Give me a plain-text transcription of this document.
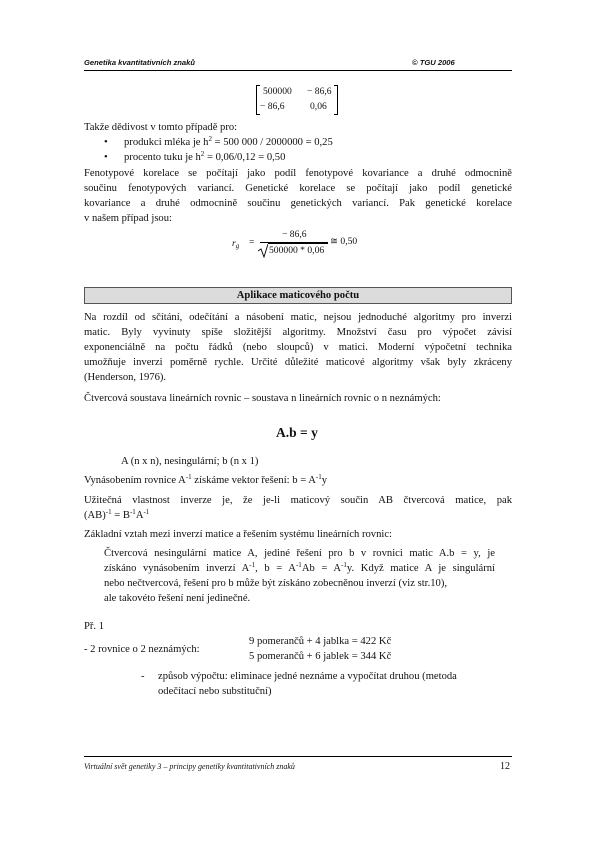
Genetika kvantitativních znaků	© TGU 2006
500000 − 86,6
− 86,6	0,06
Takže dědivost v tomto případě pro:
• produkci mléka je $h^2 = 500$ 000 / 2000000 = 0,25
• procento tuku je $h^2 = 0,06/0,12 = 0,50$
Fenotypové korelace se počítají jako podíl fenotypové kovariance a druhé odmocnině
součinu fenotypových variancí. Genetické korelace se počítají jako podíl genetické
kovariance a druhé odmocnině součinu genetických variancí. Pak genetické korelace
v našem případ jsou:
$r_g$ =
− 86,6
500000 * 0,06
≅ 0,50
Aplikace maticového počtu
Na rozdíl od sčítání, odečítání a násobení matic, nejsou jednoduché algoritmy pro inverzi
matic. Byly vyvinuty spíše složitější algoritmy. Množství času pro výpočet závisí
exponenciálně na počtu řádků (nebo sloupců) v matici. Moderní výpočetní technika
umožňuje inverzi poměrně rychle. Určité důležité maticové algoritmy však byly zkráceny
(Henderson, 1976).
Čtvercová soustava lineárních rovnic – soustava n lineárních rovnic o n neznámých:
A.b = y
A (n x n), nesingulární; b (n x 1)
Vynásobením rovnice $A^{-1}$ získáme vektor řešení: $b = A^{-1}y$
Užitečná vlastnost inverze je, že je-li maticový součin AB čtvercová matice, pak
$(AB)^{-1} = B^{-1}A^{-1}$
Základní vztah mezi inverzí matice a řešením systému lineárních rovnic:
Čtvercová nesingulární matice A, jediné řešení pro b v rovnici matic A.b = y, je
získáno vynásobením inverzí $A^{-1}$, $b = A^{-1}Ab = A^{-1}y$. Když matice A je singulární
nebo nečtvercová, řešení pro b může být získáno zobecněnou inverzí (viz str.10),
ale takovéto řešení není jedinečné.
Př. 1
- 2 rovnice o 2 neznámých:
9 pomerančů + 4 jablka = 422 Kč
5 pomerančů + 6 jablek = 344 Kč
- způsob výpočtu: eliminace jedné neznáme a vypočítat druhou (metoda
odečítací nebo substituční)
Virtuální svět genetiky 3 – principy genetiky kvantitativních znaků	12
